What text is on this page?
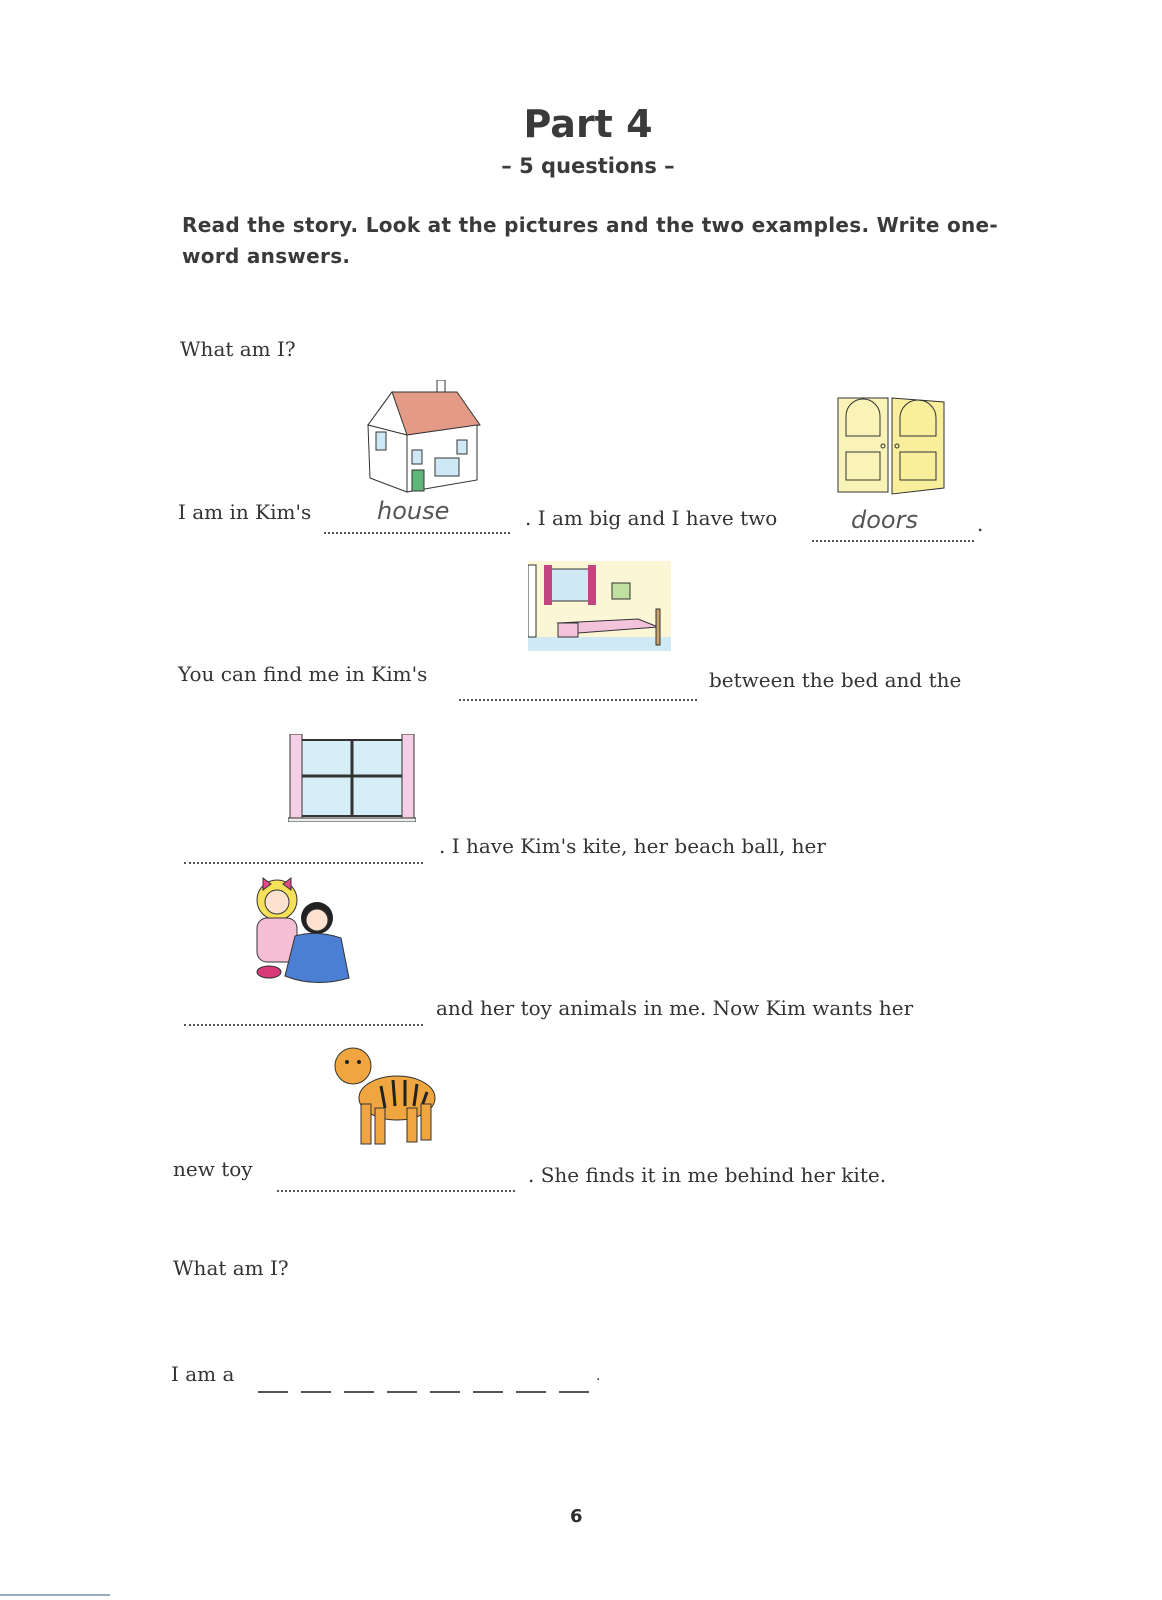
Part 4
– 5 questions –
Read the story. Look at the pictures and the two examples. Write one-word answers.
What am I?
I am in Kim's	house	. I am big and I have two	doors	.
You can find me in Kim's	between the bed and the
. I have Kim's kite, her beach ball, her
and her toy animals in me. Now Kim wants her
new toy	. She finds it in me behind her kite.
What am I?
I am a	.
6
